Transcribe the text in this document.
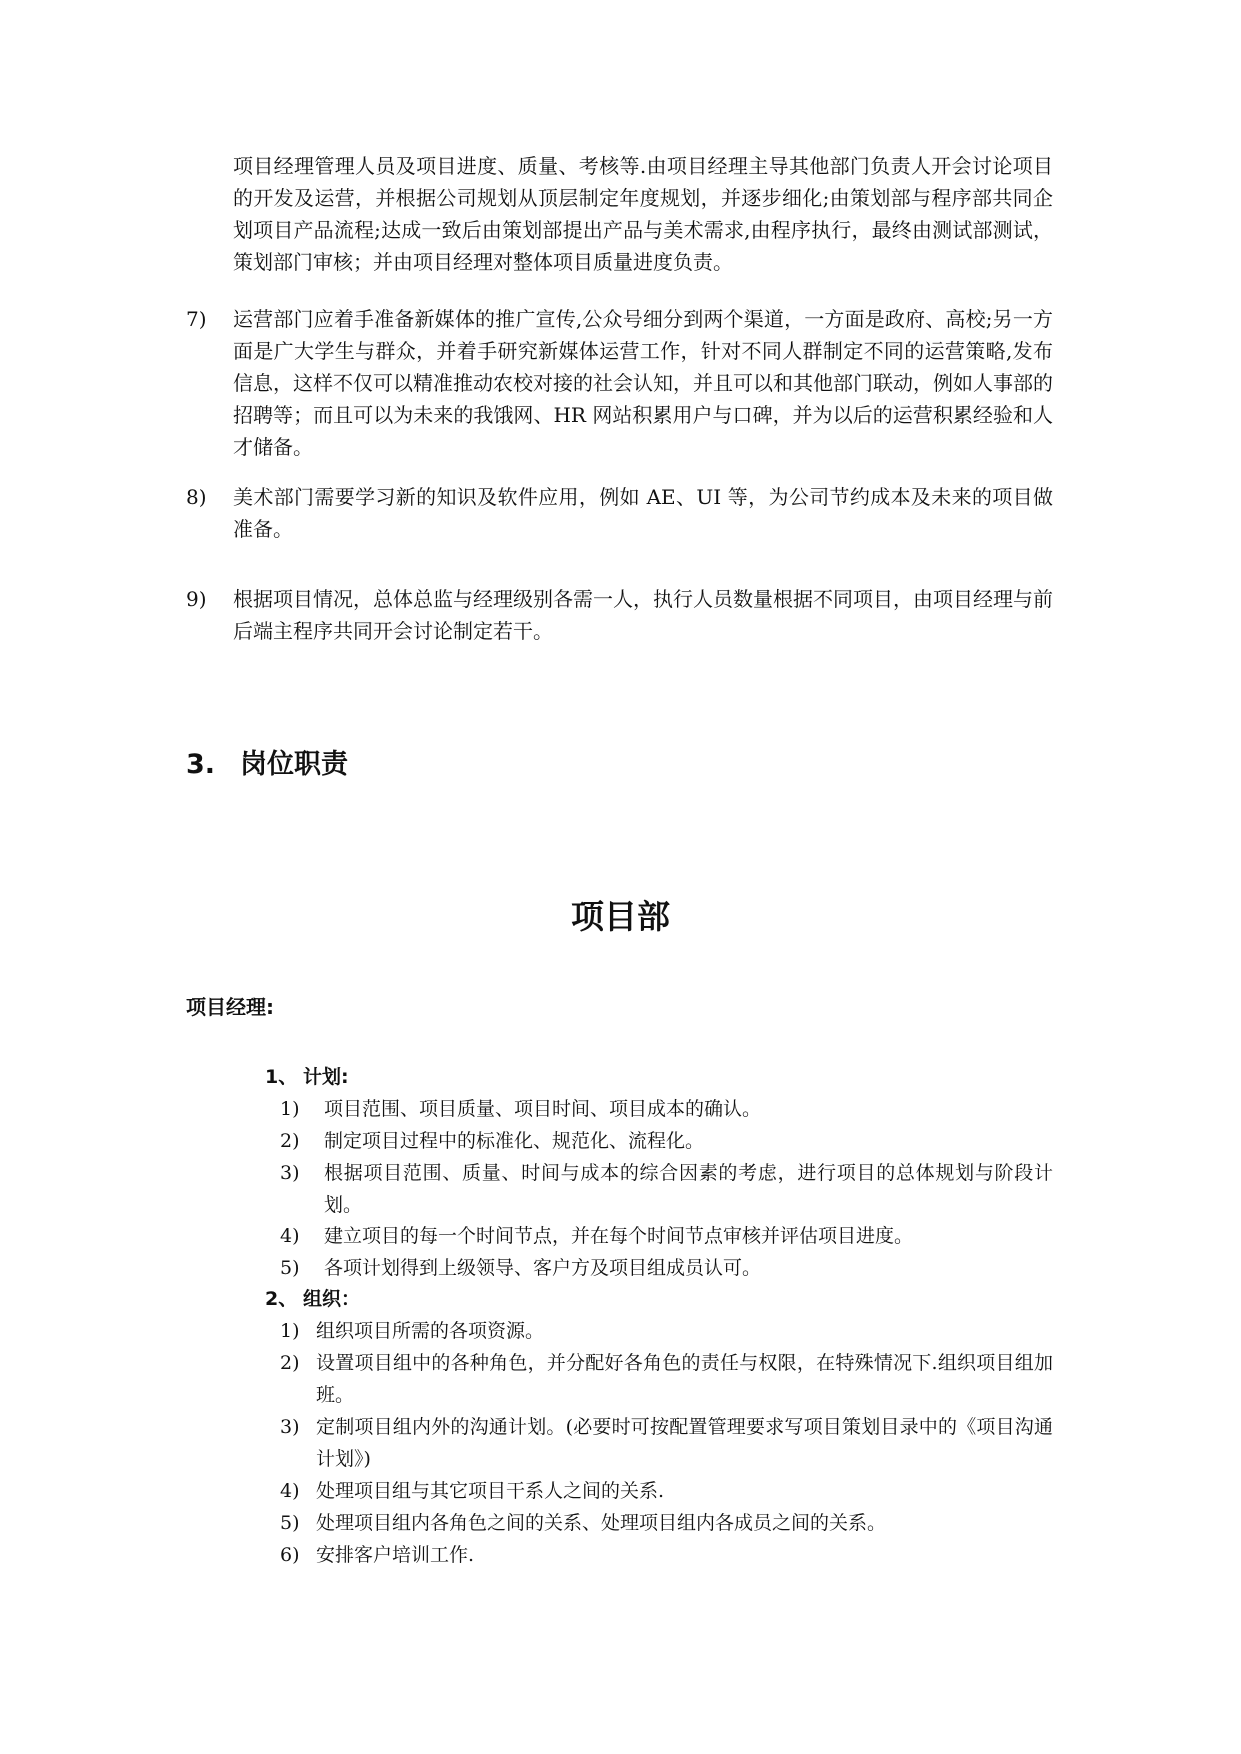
项目经理管理人员及项目进度、质量、考核等.由项目经理主导其他部门负责人开会讨论项目的开发及运营，并根据公司规划从顶层制定年度规划，并逐步细化;由策划部与程序部共同企划项目产品流程;达成一致后由策划部提出产品与美术需求,由程序执行，最终由测试部测试，策划部门审核；并由项目经理对整体项目质量进度负责。

7)	运营部门应着手准备新媒体的推广宣传,公众号细分到两个渠道，一方面是政府、高校;另一方面是广大学生与群众，并着手研究新媒体运营工作，针对不同人群制定不同的运营策略,发布信息，这样不仅可以精准推动农校对接的社会认知，并且可以和其他部门联动，例如人事部的招聘等；而且可以为未来的我饿网、HR 网站积累用户与口碑，并为以后的运营积累经验和人才储备。
8)	美术部门需要学习新的知识及软件应用，例如 AE、UI 等，为公司节约成本及未来的项目做准备。
9)	根据项目情况，总体总监与经理级别各需一人，执行人员数量根据不同项目，由项目经理与前后端主程序共同开会讨论制定若干。
3. 岗位职责
项目部
项目经理:
1、 计划:
1) 项目范围、项目质量、项目时间、项目成本的确认。
2) 制定项目过程中的标准化、规范化、流程化。
3) 根据项目范围、质量、时间与成本的综合因素的考虑，进行项目的总体规划与阶段计划。
4) 建立项目的每一个时间节点，并在每个时间节点审核并评估项目进度。
5) 各项计划得到上级领导、客户方及项目组成员认可。
2、 组织：
1) 组织项目所需的各项资源。
2) 设置项目组中的各种角色，并分配好各角色的责任与权限，在特殊情况下.组织项目组加班。
3) 定制项目组内外的沟通计划。(必要时可按配置管理要求写项目策划目录中的《项目沟通计划》)
4) 处理项目组与其它项目干系人之间的关系.
5) 处理项目组内各角色之间的关系、处理项目组内各成员之间的关系。
6) 安排客户培训工作.
